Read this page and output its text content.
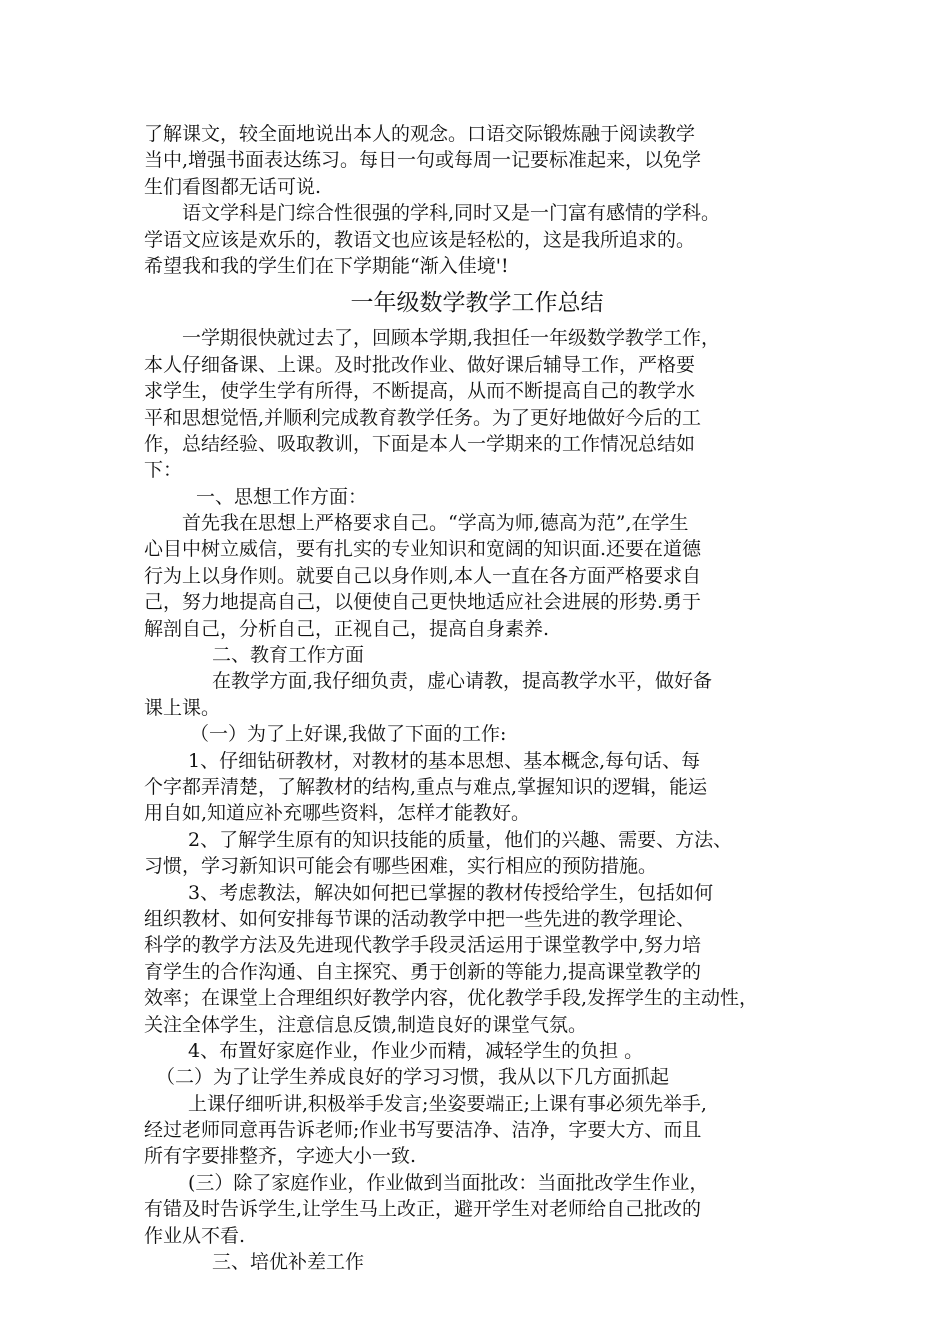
了解课文，较全面地说出本人的观念。口语交际锻炼融于阅读教学
当中,增强书面表达练习。每日一句或每周一记要标准起来，以免学
生们看图都无话可说.
语文学科是门综合性很强的学科,同时又是一门富有感情的学科。
学语文应该是欢乐的，教语文也应该是轻松的，这是我所追求的。
希望我和我的学生们在下学期能“渐入佳境'!
一年级数学教学工作总结
一学期很快就过去了，回顾本学期,我担任一年级数学教学工作，
本人仔细备课、上课。及时批改作业、做好课后辅导工作，严格要
求学生，使学生学有所得，不断提高，从而不断提高自己的教学水
平和思想觉悟,并顺利完成教育教学任务。为了更好地做好今后的工
作，总结经验、吸取教训，下面是本人一学期来的工作情况总结如
下：
一、思想工作方面：
首先我在思想上严格要求自己。“学高为师,德高为范”,在学生
心目中树立威信，要有扎实的专业知识和宽阔的知识面.还要在道德
行为上以身作则。就要自己以身作则,本人一直在各方面严格要求自
己，努力地提高自己，以便使自己更快地适应社会进展的形势.勇于
解剖自己，分析自己，正视自己，提高自身素养.
二、教育工作方面
在教学方面,我仔细负责，虚心请教，提高教学水平，做好备
课上课。
（一）为了上好课,我做了下面的工作:
1、仔细钻研教材，对教材的基本思想、基本概念,每句话、每
个字都弄清楚，了解教材的结构,重点与难点,掌握知识的逻辑，能运
用自如,知道应补充哪些资料，怎样才能教好。
2、了解学生原有的知识技能的质量，他们的兴趣、需要、方法、
习惯，学习新知识可能会有哪些困难，实行相应的预防措施。
3、考虑教法，解决如何把已掌握的教材传授给学生，包括如何
组织教材、如何安排每节课的活动教学中把一些先进的教学理论、
科学的教学方法及先进现代教学手段灵活运用于课堂教学中,努力培
育学生的合作沟通、自主探究、勇于创新的等能力,提高课堂教学的
效率；在课堂上合理组织好教学内容，优化教学手段,发挥学生的主动性，
关注全体学生，注意信息反馈,制造良好的课堂气氛。
4、布置好家庭作业，作业少而精，减轻学生的负担 。
（二）为了让学生养成良好的学习习惯，我从以下几方面抓起
上课仔细听讲,积极举手发言;坐姿要端正;上课有事必须先举手,
经过老师同意再告诉老师;作业书写要洁净、洁净，字要大方、而且
所有字要排整齐，字迹大小一致.
(三）除了家庭作业，作业做到当面批改：当面批改学生作业，
有错及时告诉学生,让学生马上改正，避开学生对老师给自己批改的
作业从不看.
三、培优补差工作
